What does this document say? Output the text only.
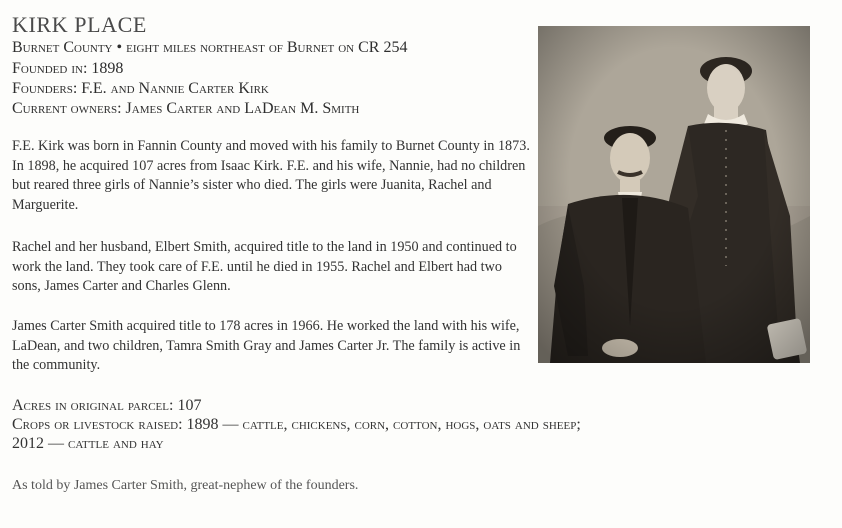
KIRK PLACE
Burnet County • eight miles northeast of Burnet on CR 254
Founded in: 1898
Founders: F.E. and Nannie Carter Kirk
Current owners: James Carter and LaDean M. Smith

F.E. Kirk was born in Fannin County and moved with his family to Burnet County in 1873. In 1898, he acquired 107 acres from Isaac Kirk. F.E. and his wife, Nannie, had no children but reared three girls of Nannie’s sister who died. The girls were Juanita, Rachel and Marguerite.

Rachel and her husband, Elbert Smith, acquired title to the land in 1950 and continued to work the land. They took care of F.E. until he died in 1955. Rachel and Elbert had two sons, James Carter and Charles Glenn.

James Carter Smith acquired title to 178 acres in 1966. He worked the land with his wife, LaDean, and two children, Tamra Smith Gray and James Carter Jr. The family is active in the community.

Acres in original parcel: 107
Crops or livestock raised: 1898 — cattle, chickens, corn, cotton, hogs, oats and sheep;
2012 — cattle and hay
As told by James Carter Smith, great-nephew of the founders.
